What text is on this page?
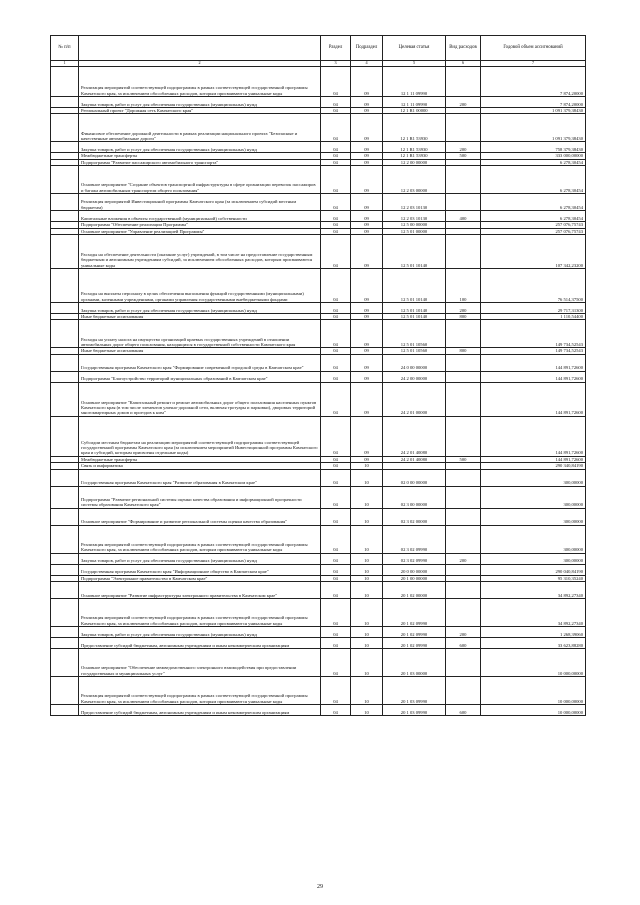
№ п/п		Раздел	Подраздел	Целевая статья	Вид расходов	Годовой объем ассигнований
1	2	3	4	5	6	7
	Реализация мероприятий соответствующей подпрограммы в рамках соответствующей государственной программы Камчатского края, за исключением обособленных расходов, которым присваиваются уникальные коды	04	09	12 1 11 09990		7 874,20000
	Закупка товаров, работ и услуг для обеспечения государственных (муниципальных) нужд	04	09	12 1 11 09990	200	7 874,20000
	Региональный проект "Дорожная сеть Камчатского края"	04	09	12 1 R1 00000		1 091 379,38430
	Финансовое обеспечение дорожной деятельности в рамках реализации национального проекта "Безопасные и качественные автомобильные дороги"	04	09	12 1 R1 53930		1 091 379,38430
	Закупка товаров, работ и услуг для обеспечения государственных (муниципальных) нужд	04	09	12 1 R1 53930	200	758 379,38430
	Межбюджетные трансферты	04	09	12 1 R1 53930	500	333 000,00000
	Подпрограмма "Развитие пассажирского автомобильного транспорта"	04	09	12 2 00 00000		6 278,30454
	Основное мероприятие "Создание объектов транспортной инфраструктуры в сфере организации перевозок пассажиров и багажа автомобильным транспортом общего пользования"	04	09	12 2 03 00000		6 278,30454
	Реализация мероприятий Инвестиционной программы Камчатского края (за исключением субсидий местным бюджетам)	04	09	12 2 03 10130		6 278,30454
	Капитальные вложения в объекты государственной (муниципальной) собственности	04	09	12 2 03 10130	400	6 278,30454
	Подпрограмма "Обеспечение реализации Программы"	04	09	12 5 00 00000		257 076,75743
	Основное мероприятие "Управление реализацией Программы"	04	09	12 5 01 00000		257 076,75743
	Расходы на обеспечение деятельности (оказание услуг) учреждений, в том числе на предоставление государственным бюджетным и автономным учреждениям субсидий, за исключением обособленных расходов, которым присваиваются уникальные коды	04	09	12 5 01 10140		107 342,23200
	Расходы на выплаты персоналу в целях обеспечения выполнения функций государственными (муниципальными) органами, казенными учреждениями, органами управления государственными внебюджетными фондами	04	09	12 5 01 10140	100	76 514,37500
	Закупка товаров, работ и услуг для обеспечения государственных (муниципальных) нужд	04	09	12 5 01 10140	200	29 717,31300
	Иные бюджетные ассигнования	04	09	12 5 01 10140	800	1 110,54400
	Расходы на уплату налога на имущество организаций краевых государственных учреждений в отношении автомобильных дорог общего пользования, находящихся в государственной собственности Камчатского края	04	09	12 5 01 10560		149 734,52543
	Иные бюджетные ассигнования	04	09	12 5 01 10560	800	149 734,52543
	Государственная программа Камчатского края "Формирование современной городской среды в Камчатском крае"	04	09	24 0 00 00000		144 891,72600
	Подпрограмма "Благоустройство территорий муниципальных образований в Камчатском крае"	04	09	24 2 00 00000		144 891,72600
	Основное мероприятие "Капитальный ремонт и ремонт автомобильных дорог общего пользования населенных пунктов Камчатского края (в том числе элементов улично-дорожной сети, включая тротуары и парковки), дворовых территорий многоквартирных домов и проездов к ним"	04	09	24 2 01 00000		144 891,72600
	Субсидии местным бюджетам на реализацию мероприятий соответствующей подпрограммы соответствующей государственной программы Камчатского края (за исключением мероприятий Инвестиционной программы Камчатского края и субсидий, которым присвоены отдельные коды)	04	09	24 2 01 40080		144 891,72600
	Межбюджетные трансферты	04	09	24 2 01 40080	500	144 891,72600
	Связь и информатика	04	10			290 340,84190
	Государственная программа Камчатского края "Развитие образования в Камчатском крае"	04	10	02 0 00 00000		300,00000
	Подпрограмма "Развитие региональной системы оценки качества образования и информационной прозрачности системы образования Камчатского края"	04	10	02 3 00 00000		300,00000
	Основное мероприятие "Формирование и развитие региональной системы оценки качества образования"	04	10	02 3 02 00000		300,00000
	Реализация мероприятий соответствующей подпрограммы в рамках соответствующей государственной программы Камчатского края, за исключением обособленных расходов, которым присваиваются уникальные коды	04	10	02 3 02 09990		300,00000
	Закупка товаров, работ и услуг для обеспечения государственных (муниципальных) нужд	04	10	02 3 02 09990	200	300,00000
	Государственная программа Камчатского края "Информационное общество в Камчатском крае"	04	10	20 0 00 00000		290 040,84190
	Подпрограмма "Электронное правительство в Камчатском крае"	04	10	20 1 00 00000		95 310,35240
	Основное мероприятие "Развитие инфраструктуры электронного правительства в Камчатском крае"	04	10	20 1 02 00000		34 892,27340
	Реализация мероприятий соответствующей подпрограммы в рамках соответствующей государственной программы Камчатского края, за исключением обособленных расходов, которым присваиваются уникальные коды	04	10	20 1 02 09990		34 892,27340
	Закупка товаров, работ и услуг для обеспечения государственных (муниципальных) нужд	04	10	20 1 02 09990	200	1 268,39060
	Предоставление субсидий бюджетным, автономным учреждениям и иным некоммерческим организациям	04	10	20 1 02 09990	600	33 623,88280
	Основное мероприятие "Обеспечение межведомственного электронного взаимодействия при предоставлении государственных и муниципальных услуг"	04	10	20 1 03 00000		10 000,00000
	Реализация мероприятий соответствующей подпрограммы в рамках соответствующей государственной программы Камчатского края, за исключением обособленных расходов, которым присваиваются уникальные коды	04	10	20 1 03 09990		10 000,00000
	Предоставление субсидий бюджетным, автономным учреждениям и иным некоммерческим организациям	04	10	20 1 03 09990	600	10 000,00000
29
